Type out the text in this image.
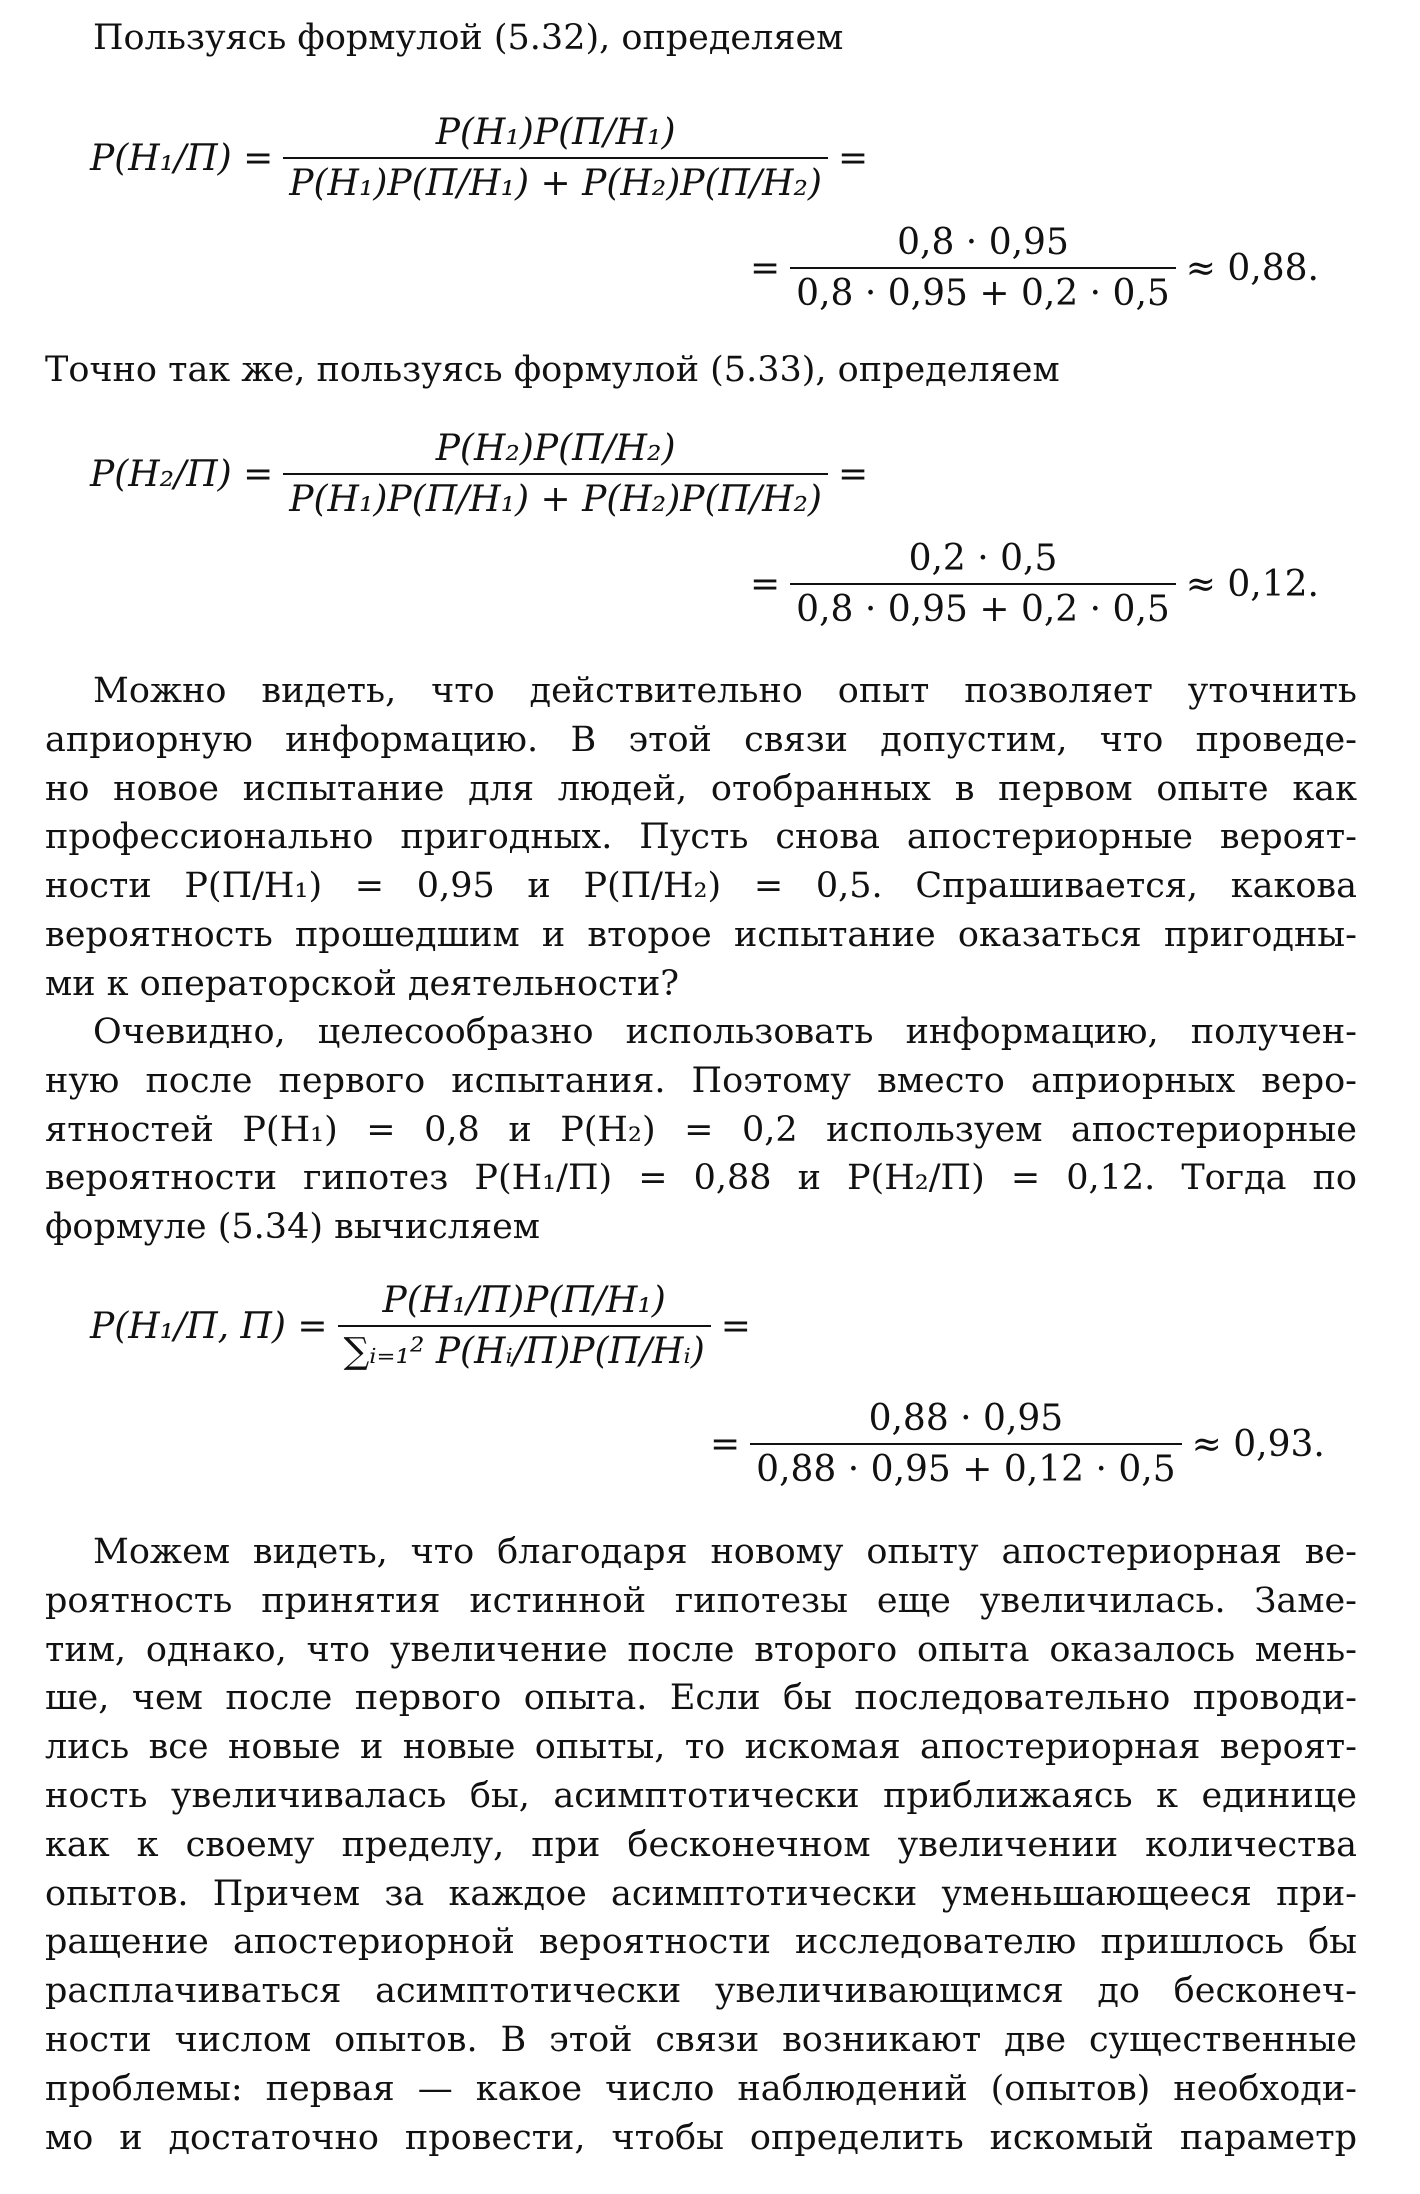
Пользуясь формулой (5.32), определяем

$P(H_1/П) = \frac{\text{P(H₁)P(П/H₁)}}{\text{P(H₁)P(П/H₁) + P(H₂)P(П/H₂)}}$ =
= $\frac{0,8 \cdot 0,95}{0,8 \cdot 0,95 + 0,2 \cdot 0,5} \approx 0,88$.

Точно так же, пользуясь формулой (5.33), определяем

$P(H_2/П) = \frac{\text{P(H₂)P(П/H₂)}}{\text{P(H₁)P(П/H₁) + P(H₂)P(П/H₂)}}$ =
= $\frac{0,2 \cdot 0,5}{0,8 \cdot 0,95 + 0,2 \cdot 0,5} \approx 0,12$.

Можно видеть, что действительно опыт позволяет уточнить
априорную информацию. В этой связи допустим, что проведе-
но новое испытание для людей, отобранных в первом опыте как
профессионально пригодных. Пусть снова апостериорные вероят-
ности P(П/H₁) = 0,95 и P(П/H₂) = 0,5. Спрашивается, какова
вероятность прошедшим и второе испытание оказаться пригодны-
ми к операторской деятельности?

Очевидно, целесообразно использовать информацию, получен-
ную после первого испытания. Поэтому вместо априорных веро-
ятностей P(H₁) = 0,8 и P(H₂) = 0,2 используем апостериорные
вероятности гипотез P(H₁/П) = 0,88 и P(H₂/П) = 0,12. Тогда по
формуле (5.34) вычисляем

P(H₁/П, $П) = \frac{\text{P(H₁/П)P(П/H₁)}}{\text{∑ᵢ₌₁² P(Hᵢ/П)P(П/Hᵢ)}}$ =
= $\frac{0,88 \cdot 0,95}{0,88 \cdot 0,95 + 0,12 \cdot 0,5} \approx 0,93$.

Можем видеть, что благодаря новому опыту апостериорная ве-
роятность принятия истинной гипотезы еще увеличилась. Заме-
тим, однако, что увеличение после второго опыта оказалось мень-
ше, чем после первого опыта. Если бы последовательно проводи-
лись все новые и новые опыты, то искомая апостериорная вероят-
ность увеличивалась бы, асимптотически приближаясь к единице
как к своему пределу, при бесконечном увеличении количества
опытов. Причем за каждое асимптотически уменьшающееся при-
ращение апостериорной вероятности исследователю пришлось бы
расплачиваться асимптотически увеличивающимся до бесконеч-
ности числом опытов. В этой связи возникают две существенные
проблемы: первая — какое число наблюдений (опытов) необходи-
мо и достаточно провести, чтобы определить искомый параметр
